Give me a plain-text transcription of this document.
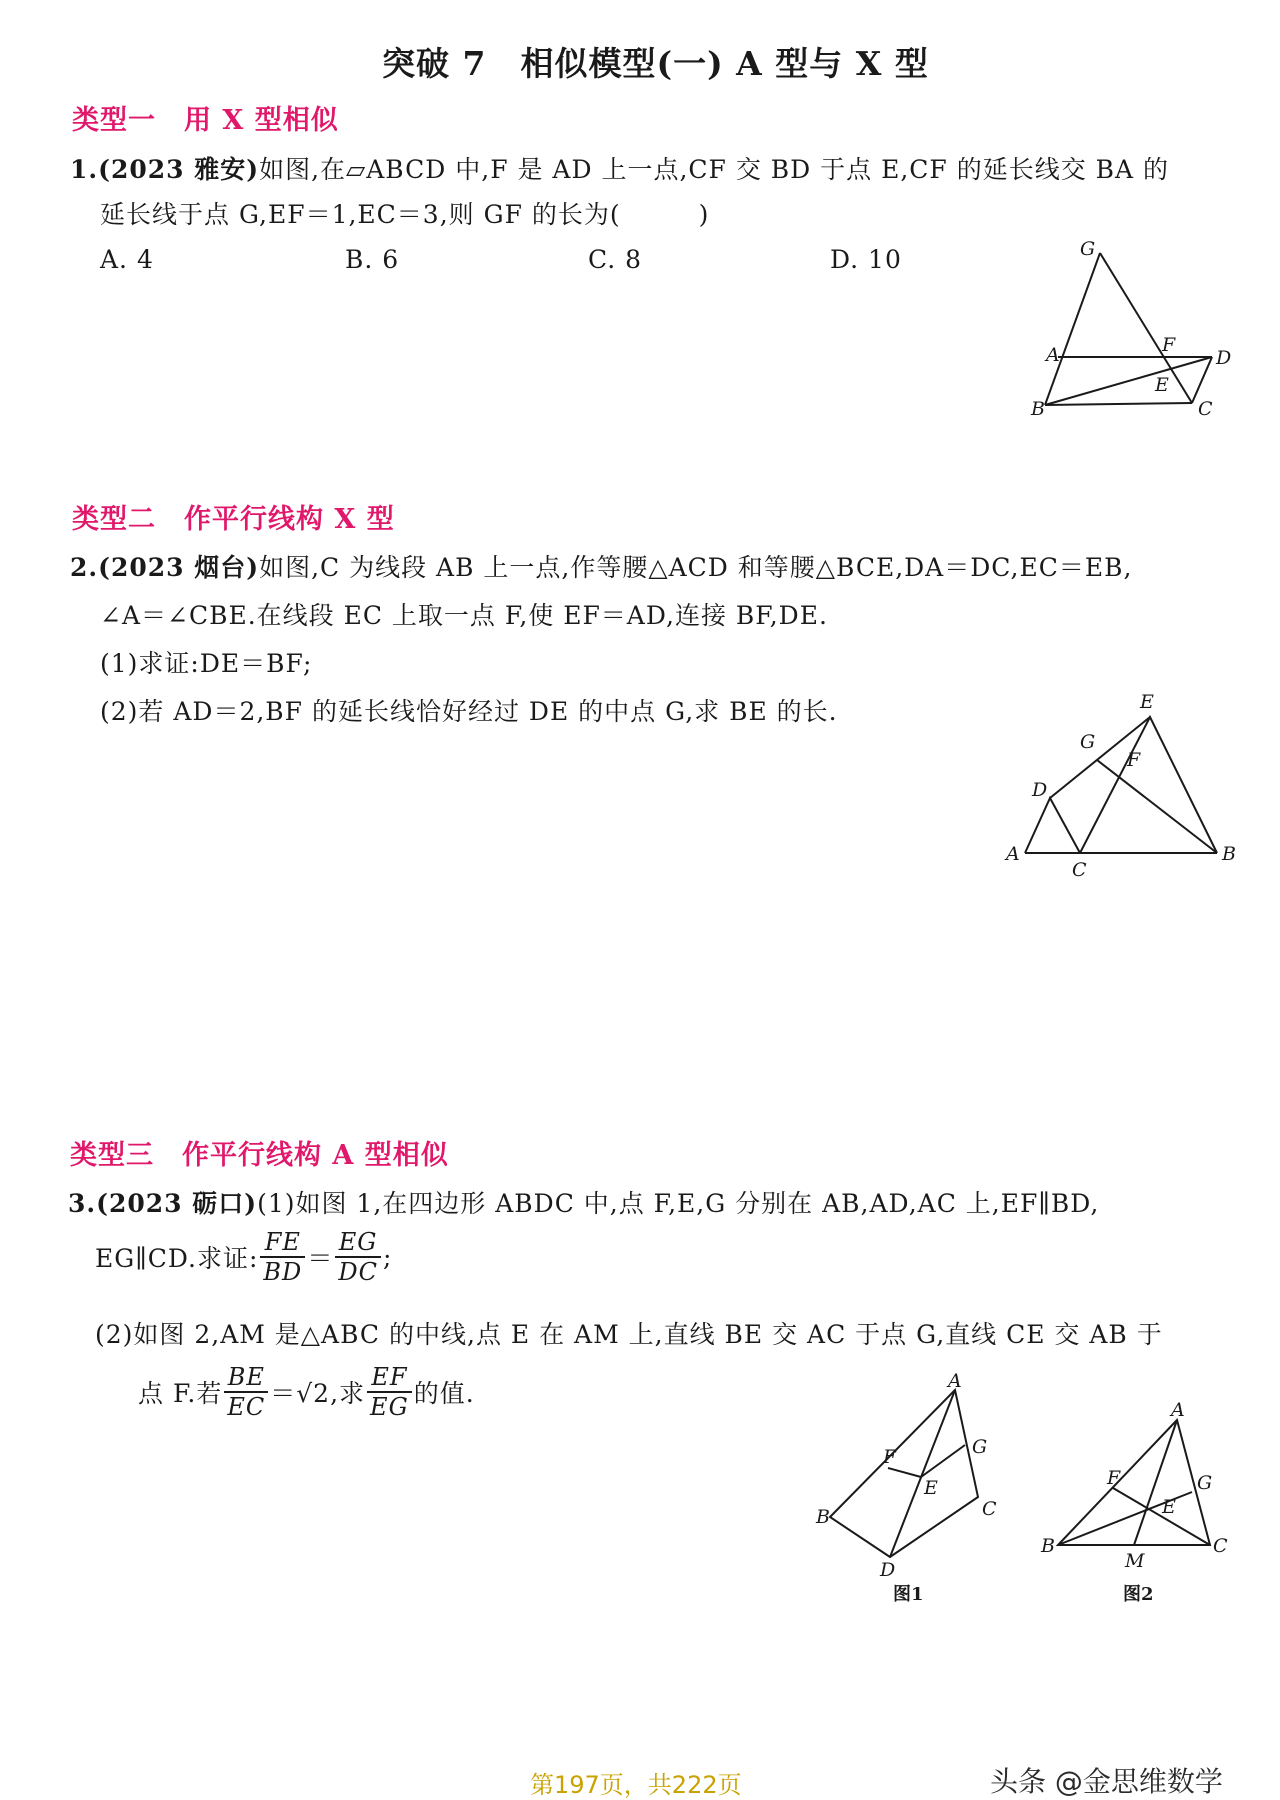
突破 7　相似模型(一) A 型与 X 型
类型一　用 X 型相似
1.(2023 雅安)如图,在▱ABCD 中,F 是 AD 上一点,CF 交 BD 于点 E,CF 的延长线交 BA 的
延长线于点 G,EF＝1,EC＝3,则 GF 的长为(　　　)
A. 4	B. 6	C. 8	D. 10	G
A	F
D
E
B	C
类型二　作平行线构 X 型
2.(2023 烟台)如图,C 为线段 AB 上一点,作等腰△ACD 和等腰△BCE,DA＝DC,EC＝EB,
∠A＝∠CBE.在线段 EC 上取一点 F,使 EF＝AD,连接 BF,DE.
(1)求证:DE＝BF;
(2)若 AD＝2,BF 的延长线恰好经过 DE 的中点 G,求 BE 的长.	E
G
F
D
A
C
B
类型三　作平行线构 A 型相似
3.(2023 砺口)(1)如图 1,在四边形 ABDC 中,点 F,E,G 分别在 AB,AD,AC 上,EF∥BD,
EG∥CD.求证: $\frac{FE}{BD} = \frac{EG}{DC}$ ;
(2)如图 2,AM 是△ABC 的中线,点 E 在 AM 上,直线 BE 交 AC 于点 G,直线 CE 交 AB 于
点 F.若 $\frac{BE}{EC} =√2$,求 $\frac{EF}{EG}$ 的值.	A
F	G
E
B	C
D
图1
A
F	G
E
B
M
C
图2
第197页，共222页	头条 @金思维数学
